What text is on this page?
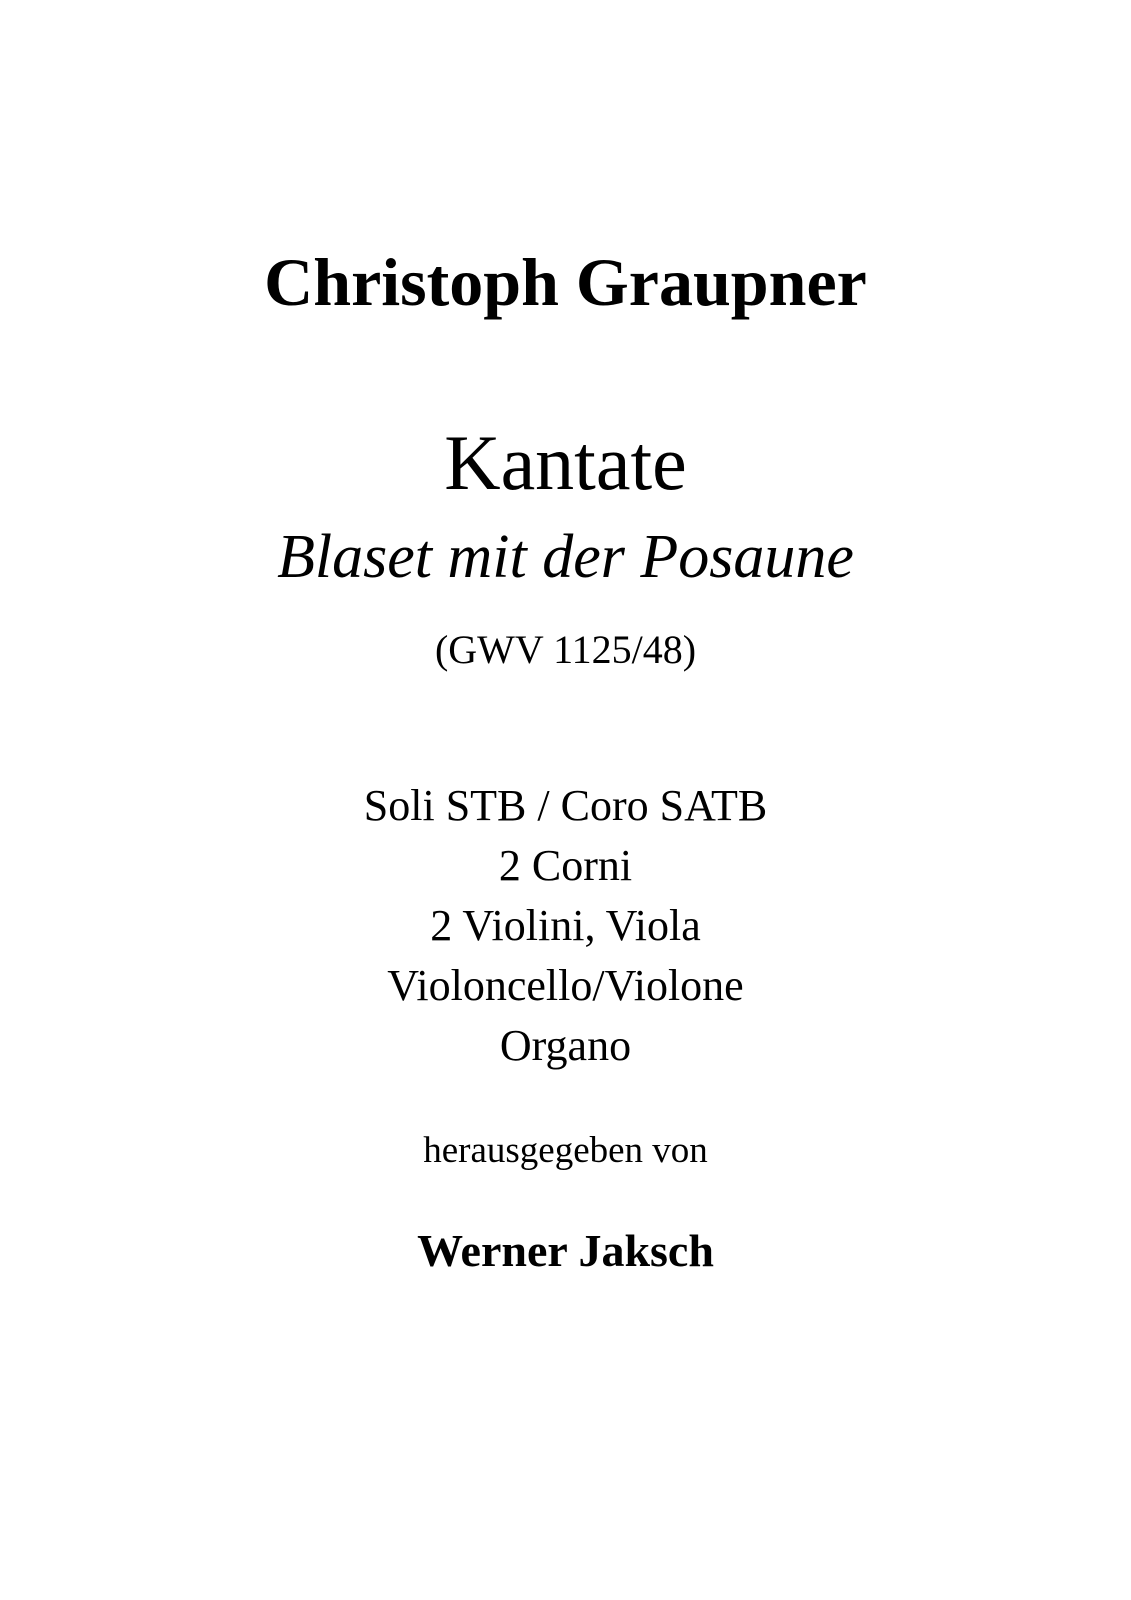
Christoph Graupner
Kantate
Blaset mit der Posaune
(GWV 1125/48)
Soli STB / Coro SATB
2 Corni
2 Violini, Viola
Violoncello/Violone
Organo
herausgegeben von
Werner Jaksch
